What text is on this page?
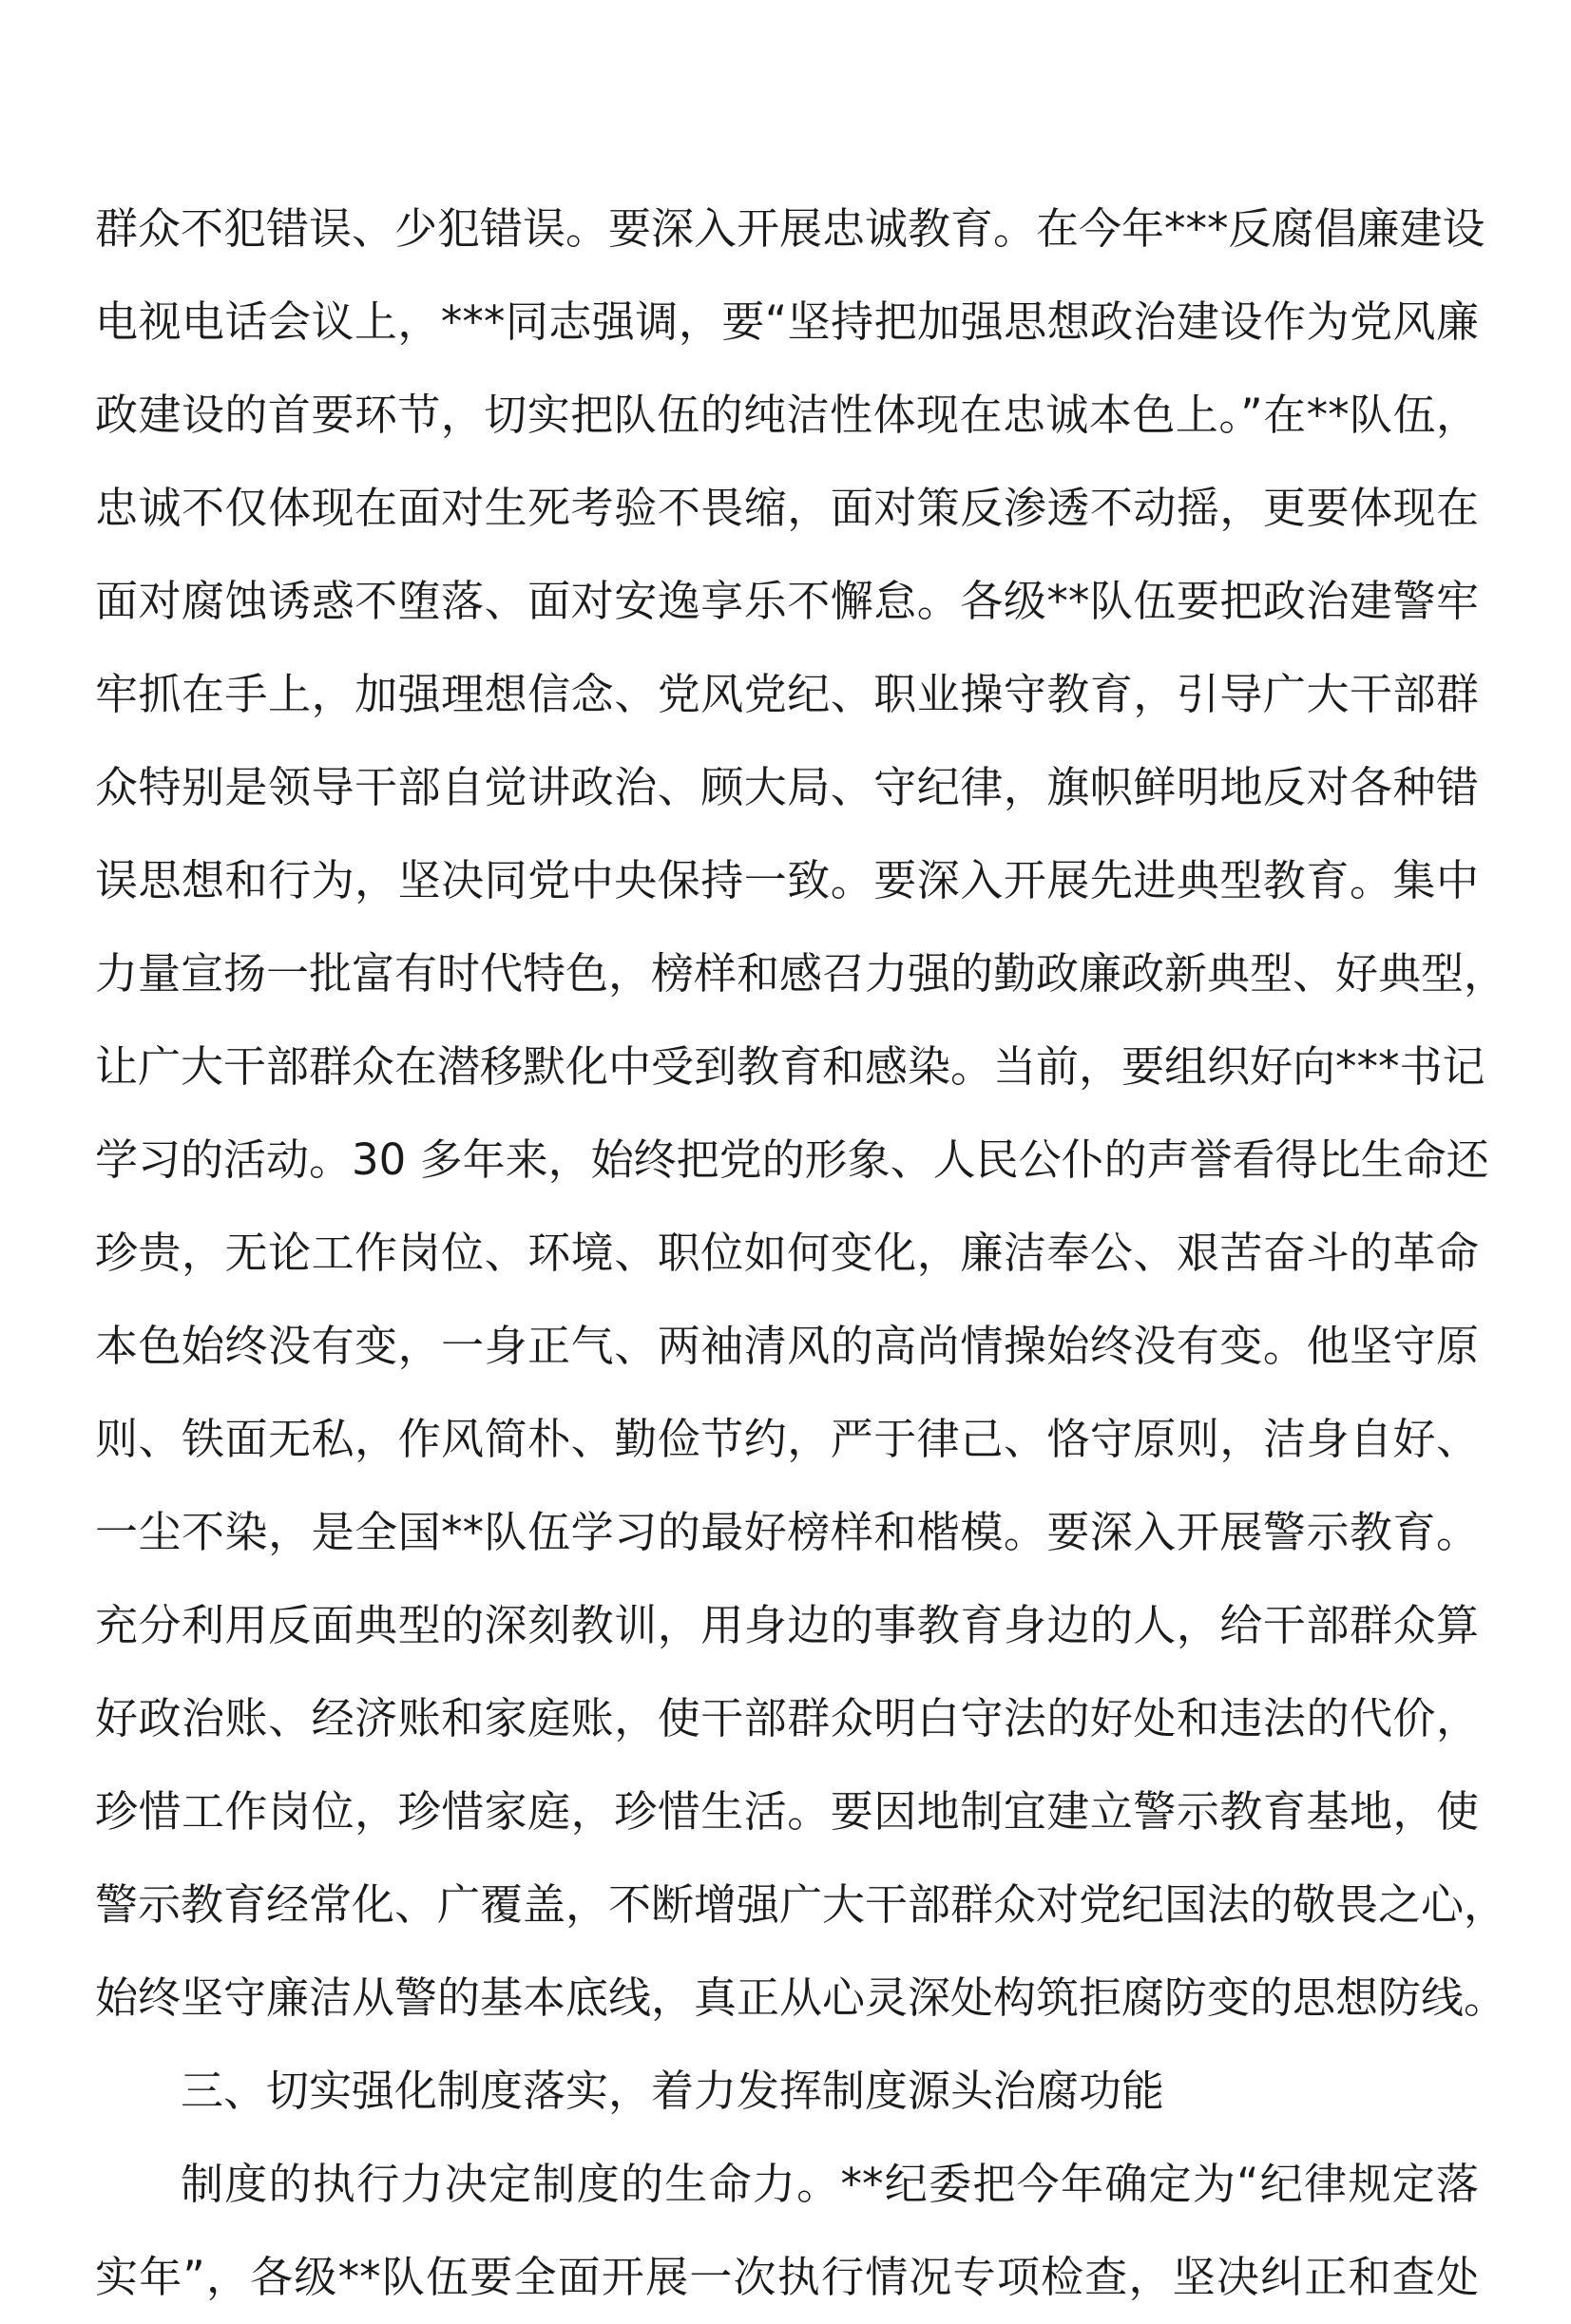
群众不犯错误、少犯错误。要深入开展忠诚教育。在今年***反腐倡廉建设
电视电话会议上，***同志强调，要“坚持把加强思想政治建设作为党风廉
政建设的首要环节，切实把队伍的纯洁性体现在忠诚本色上。”在**队伍，
忠诚不仅体现在面对生死考验不畏缩，面对策反渗透不动摇，更要体现在
面对腐蚀诱惑不堕落、面对安逸享乐不懈怠。各级**队伍要把政治建警牢
牢抓在手上，加强理想信念、党风党纪、职业操守教育，引导广大干部群
众特别是领导干部自觉讲政治、顾大局、守纪律，旗帜鲜明地反对各种错
误思想和行为，坚决同党中央保持一致。要深入开展先进典型教育。集中
力量宣扬一批富有时代特色，榜样和感召力强的勤政廉政新典型、好典型，
让广大干部群众在潜移默化中受到教育和感染。当前，要组织好向***书记
学习的活动。30 多年来，始终把党的形象、人民公仆的声誉看得比生命还
珍贵，无论工作岗位、环境、职位如何变化，廉洁奉公、艰苦奋斗的革命
本色始终没有变，一身正气、两袖清风的高尚情操始终没有变。他坚守原
则、铁面无私，作风简朴、勤俭节约，严于律己、恪守原则，洁身自好、
一尘不染，是全国**队伍学习的最好榜样和楷模。要深入开展警示教育。
充分利用反面典型的深刻教训，用身边的事教育身边的人，给干部群众算
好政治账、经济账和家庭账，使干部群众明白守法的好处和违法的代价，
珍惜工作岗位，珍惜家庭，珍惜生活。要因地制宜建立警示教育基地，使
警示教育经常化、广覆盖，不断增强广大干部群众对党纪国法的敬畏之心，
始终坚守廉洁从警的基本底线，真正从心灵深处构筑拒腐防变的思想防线。
三、切实强化制度落实，着力发挥制度源头治腐功能
制度的执行力决定制度的生命力。**纪委把今年确定为“纪律规定落
实年”，各级**队伍要全面开展一次执行情况专项检查，坚决纠正和查处
